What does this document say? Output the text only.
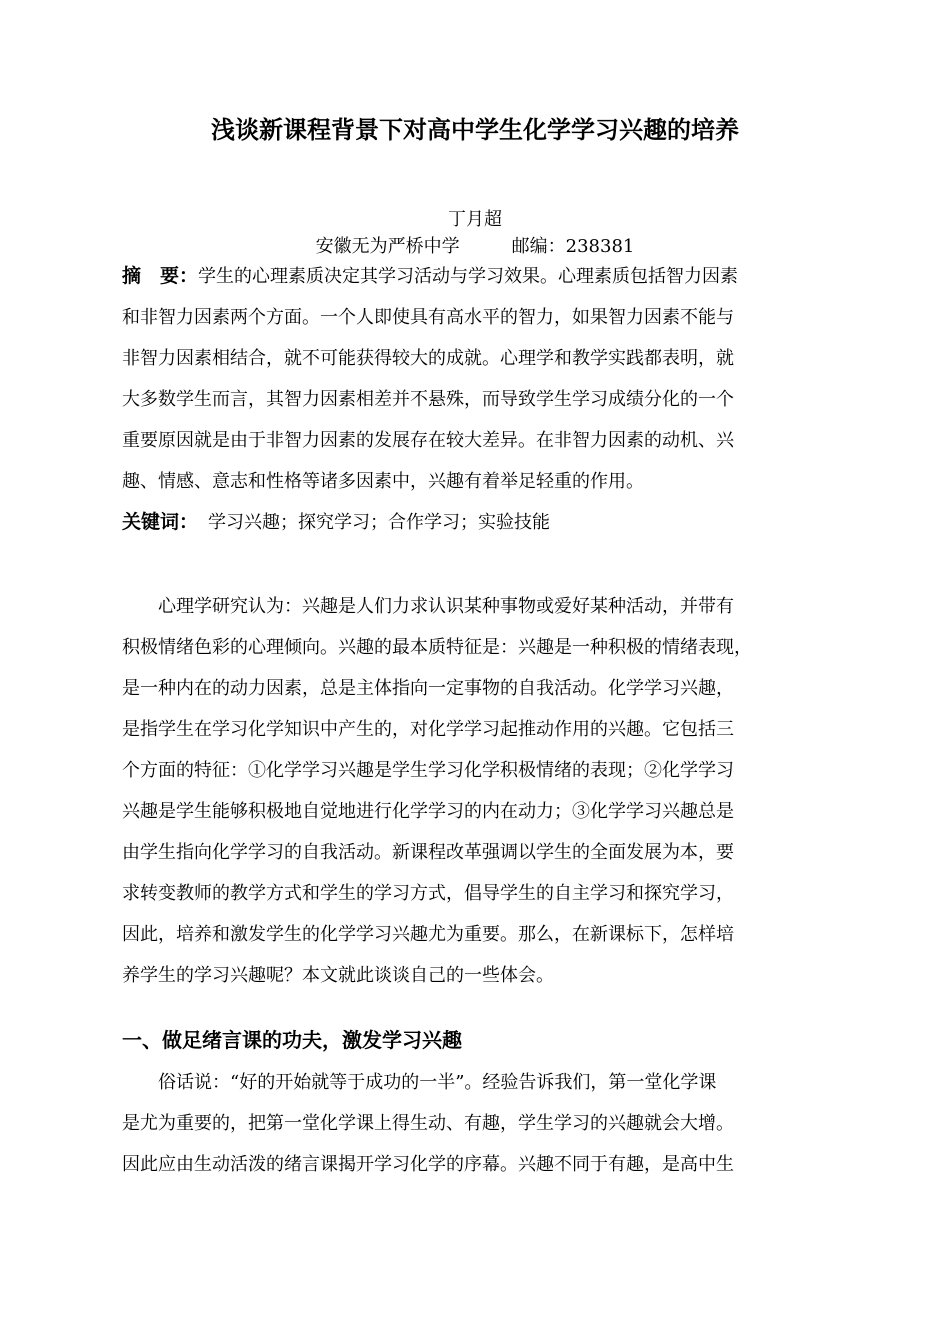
浅谈新课程背景下对高中学生化学学习兴趣的培养
丁月超
安徽无为严桥中学	邮编：238381
摘　要：学生的心理素质决定其学习活动与学习效果。心理素质包括智力因素
和非智力因素两个方面。一个人即使具有高水平的智力，如果智力因素不能与
非智力因素相结合，就不可能获得较大的成就。心理学和教学实践都表明，就
大多数学生而言，其智力因素相差并不悬殊，而导致学生学习成绩分化的一个
重要原因就是由于非智力因素的发展存在较大差异。在非智力因素的动机、兴
趣、情感、意志和性格等诸多因素中，兴趣有着举足轻重的作用。
关键词： 学习兴趣；探究学习；合作学习；实验技能
　　心理学研究认为：兴趣是人们力求认识某种事物或爱好某种活动，并带有
积极情绪色彩的心理倾向。兴趣的最本质特征是：兴趣是一种积极的情绪表现，
是一种内在的动力因素，总是主体指向一定事物的自我活动。化学学习兴趣，
是指学生在学习化学知识中产生的，对化学学习起推动作用的兴趣。它包括三
个方面的特征：①化学学习兴趣是学生学习化学积极情绪的表现；②化学学习
兴趣是学生能够积极地自觉地进行化学学习的内在动力；③化学学习兴趣总是
由学生指向化学学习的自我活动。新课程改革强调以学生的全面发展为本，要
求转变教师的教学方式和学生的学习方式，倡导学生的自主学习和探究学习，
因此，培养和激发学生的化学学习兴趣尤为重要。那么，在新课标下，怎样培
养学生的学习兴趣呢？本文就此谈谈自己的一些体会。
一、做足绪言课的功夫，激发学习兴趣
　　俗话说：“好的开始就等于成功的一半”。经验告诉我们，第一堂化学课
是尤为重要的，把第一堂化学课上得生动、有趣，学生学习的兴趣就会大增。
因此应由生动活泼的绪言课揭开学习化学的序幕。兴趣不同于有趣，是高中生
